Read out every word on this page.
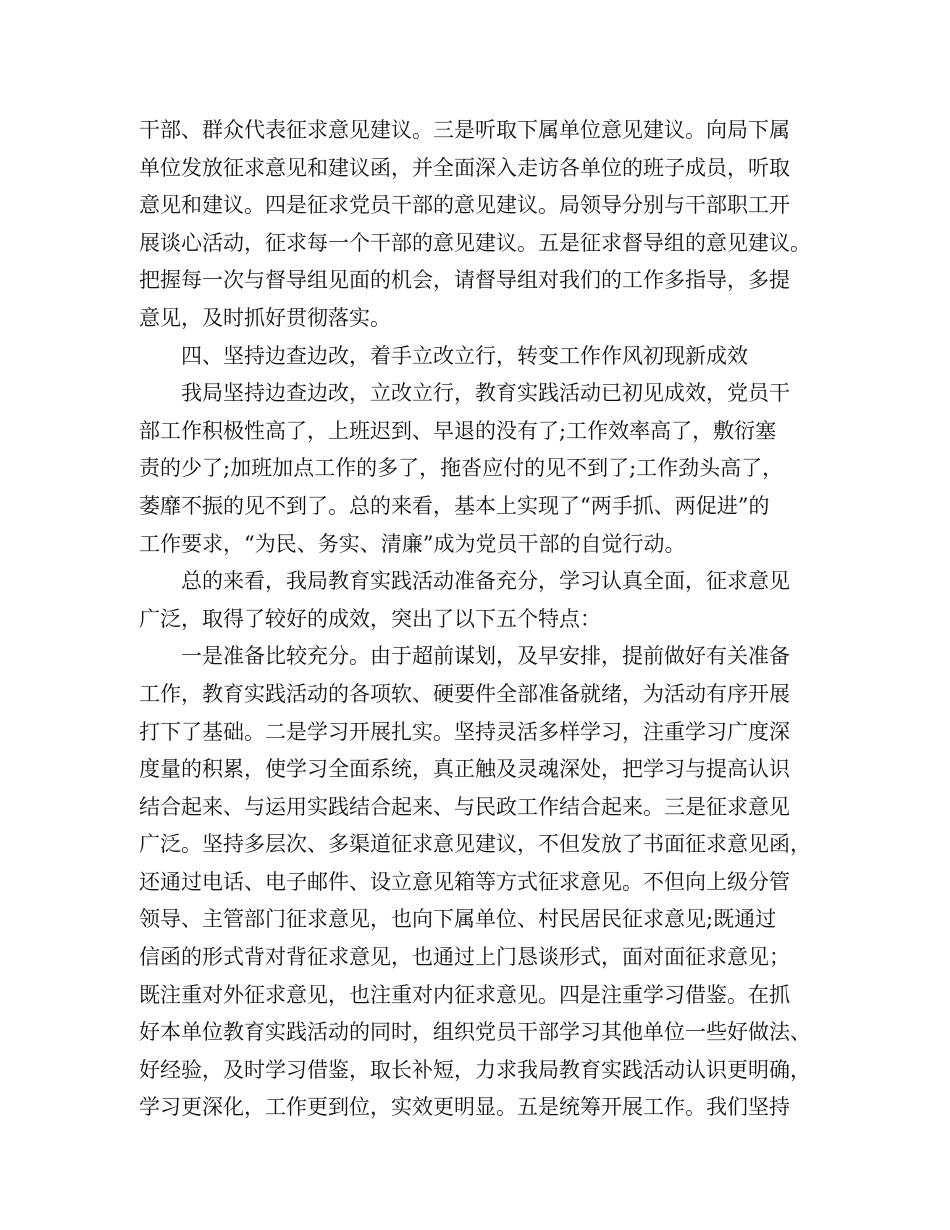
干部、群众代表征求意见建议。三是听取下属单位意见建议。向局下属
单位发放征求意见和建议函，并全面深入走访各单位的班子成员，听取
意见和建议。四是征求党员干部的意见建议。局领导分别与干部职工开
展谈心活动，征求每一个干部的意见建议。五是征求督导组的意见建议。
把握每一次与督导组见面的机会，请督导组对我们的工作多指导，多提
意见，及时抓好贯彻落实。
四、坚持边查边改，着手立改立行，转变工作作风初现新成效
我局坚持边查边改，立改立行，教育实践活动已初见成效，党员干
部工作积极性高了，上班迟到、早退的没有了;工作效率高了，敷衍塞
责的少了;加班加点工作的多了，拖沓应付的见不到了;工作劲头高了，
萎靡不振的见不到了。总的来看，基本上实现了“两手抓、两促进”的
工作要求，“为民、务实、清廉”成为党员干部的自觉行动。
总的来看，我局教育实践活动准备充分，学习认真全面，征求意见
广泛，取得了较好的成效，突出了以下五个特点：
一是准备比较充分。由于超前谋划，及早安排，提前做好有关准备
工作，教育实践活动的各项软、硬要件全部准备就绪，为活动有序开展
打下了基础。二是学习开展扎实。坚持灵活多样学习，注重学习广度深
度量的积累，使学习全面系统，真正触及灵魂深处，把学习与提高认识
结合起来、与运用实践结合起来、与民政工作结合起来。三是征求意见
广泛。坚持多层次、多渠道征求意见建议，不但发放了书面征求意见函，
还通过电话、电子邮件、设立意见箱等方式征求意见。不但向上级分管
领导、主管部门征求意见，也向下属单位、村民居民征求意见;既通过
信函的形式背对背征求意见，也通过上门恳谈形式，面对面征求意见；
既注重对外征求意见，也注重对内征求意见。四是注重学习借鉴。在抓
好本单位教育实践活动的同时，组织党员干部学习其他单位一些好做法、
好经验，及时学习借鉴，取长补短，力求我局教育实践活动认识更明确，
学习更深化，工作更到位，实效更明显。五是统筹开展工作。我们坚持
